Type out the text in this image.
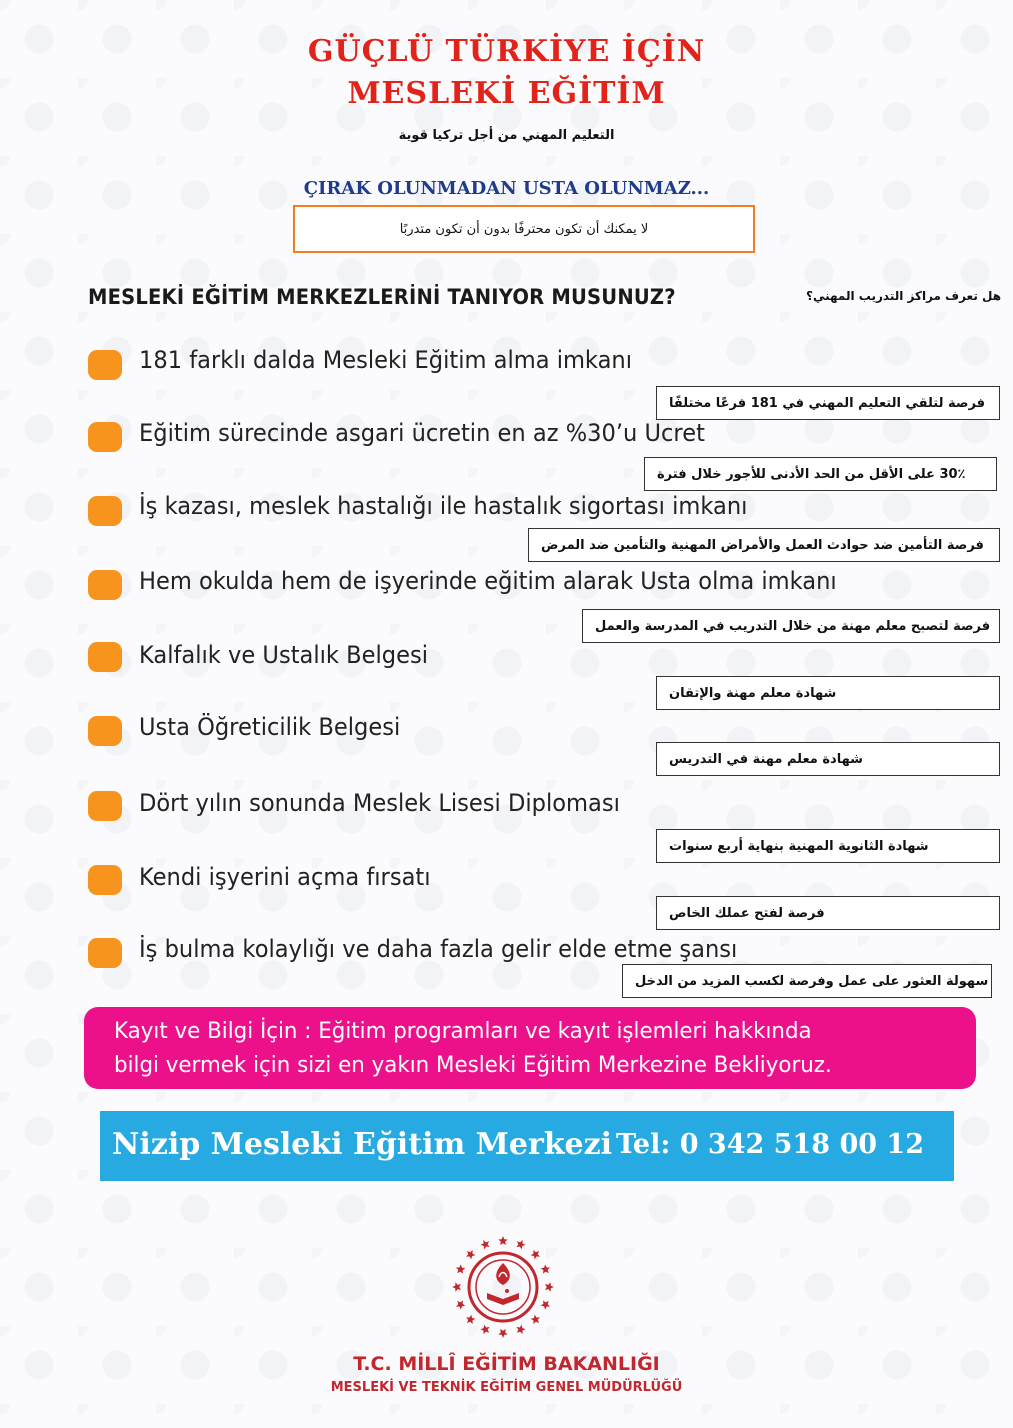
GÜÇLÜ TÜRKİYE İÇİN
MESLEKİ EĞİTİM
التعليم المهني من أجل تركيا قوية
ÇIRAK OLUNMADAN USTA OLUNMAZ...
لا يمكنك أن تكون محترفًا بدون أن تكون متدربًا
MESLEKİ EĞİTİM MERKEZLERİNİ TANIYOR MUSUNUZ?	هل تعرف مراكز التدريب المهني؟
181 farklı dalda Mesleki Eğitim alma imkanı
فرصة لتلقي التعليم المهني في 181 فرعًا مختلفًا
Eğitim sürecinde asgari ücretin en az %30’u Ucret
30٪ على الأقل من الحد الأدنى للأجور خلال فترة
İş kazası, meslek hastalığı ile hastalık sigortası imkanı
فرصة التأمين ضد حوادث العمل والأمراض المهنية والتأمين ضد المرض
Hem okulda hem de işyerinde eğitim alarak Usta olma imkanı
فرصة لتصبح معلم مهنة من خلال التدريب في المدرسة والعمل
Kalfalık ve Ustalık Belgesi
شهادة معلم مهنة والإتقان
Usta Öğreticilik Belgesi
شهادة معلم مهنة في التدريس
Dört yılın sonunda Meslek Lisesi Diploması
شهادة الثانوية المهنية بنهاية أربع سنوات
Kendi işyerini açma fırsatı
فرصة لفتح عملك الخاص
İş bulma kolaylığı ve daha fazla gelir elde etme şansı
سهولة العثور على عمل وفرصة لكسب المزيد من الدخل
Kayıt ve Bilgi İçin : Eğitim programları ve kayıt işlemleri hakkında
bilgi vermek için sizi en yakın Mesleki Eğitim Merkezine Bekliyoruz.
Nizip Mesleki Eğitim Merkezi Tel: 0 342 518 00 12
T.C. MİLLÎ EĞİTİM BAKANLIĞI
MESLEKİ VE TEKNİK EĞİTİM GENEL MÜDÜRLÜĞÜ
